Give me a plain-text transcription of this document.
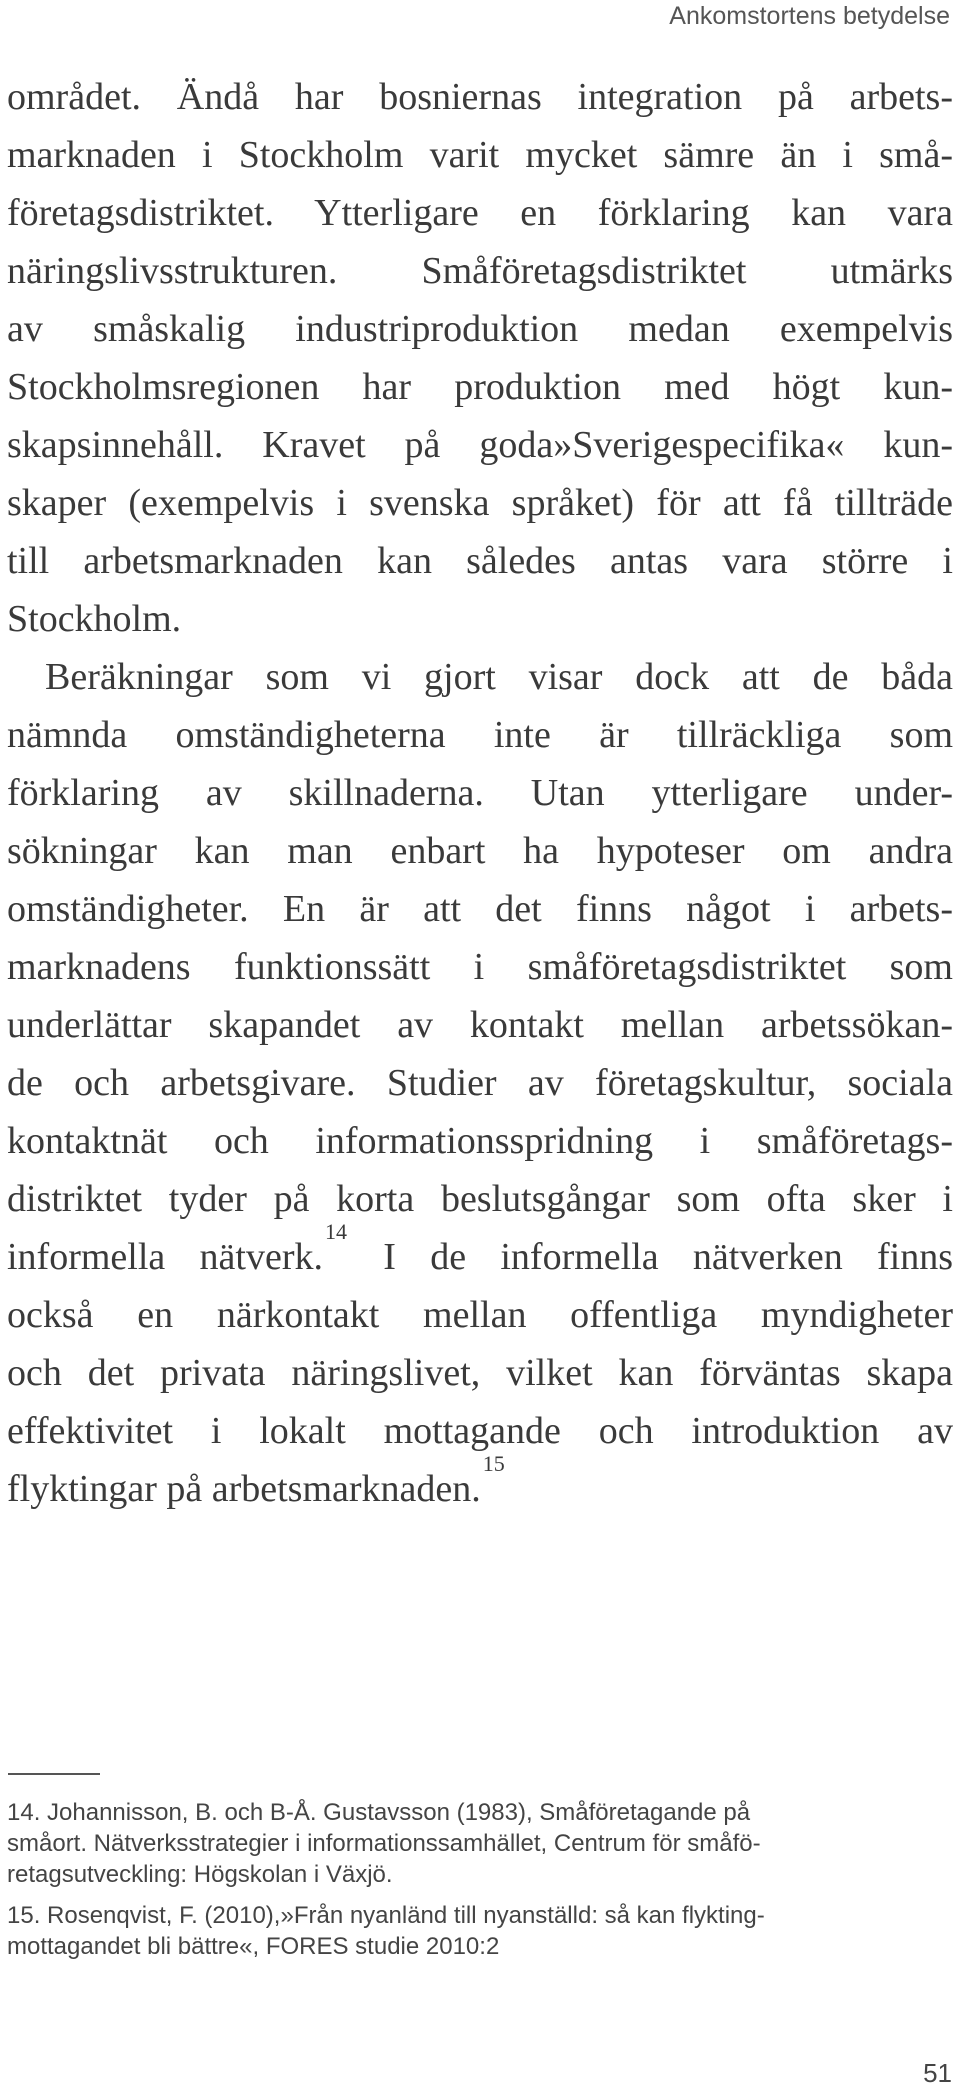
Ankomstortens betydelse
området. Ändå har bosniernas integration på arbets-
marknaden i Stockholm varit mycket sämre än i små-
företagsdistriktet. Ytterligare en förklaring kan vara
näringslivsstrukturen. Småföretagsdistriktet utmärks
av småskalig industriproduktion medan exempelvis
Stockholmsregionen har produktion med högt kun-
skapsinnehåll. Kravet på goda»Sverigespecifika« kun-
skaper (exempelvis i svenska språket) för att få tillträde
till arbetsmarknaden kan således antas vara större i
Stockholm.
Beräkningar som vi gjort visar dock att de båda
nämnda omständigheterna inte är tillräckliga som
förklaring av skillnaderna. Utan ytterligare under-
sökningar kan man enbart ha hypoteser om andra
omständigheter. En är att det finns något i arbets-
marknadens funktionssätt i småföretagsdistriktet som
underlättar skapandet av kontakt mellan arbetssökan-
de och arbetsgivare. Studier av företagskultur, sociala
kontaktnät och informationsspridning i småföretags-
distriktet tyder på korta beslutsgångar som ofta sker i
informella nätverk.$^{14}$ I de informella nätverken finns
också en närkontakt mellan offentliga myndigheter
och det privata näringslivet, vilket kan förväntas skapa
effektivitet i lokalt mottagande och introduktion av
flyktingar på arbetsmarknaden.$^{15}$
14. Johannisson, B. och B-Å. Gustavsson (1983), Småföretagande på
småort. Nätverksstrategier i informationssamhället, Centrum för småfö-
retagsutveckling: Högskolan i Växjö.
15. Rosenqvist, F. (2010),»Från nyanländ till nyanställd: så kan flykting-
mottagandet bli bättre«, FORES studie 2010:2
51
